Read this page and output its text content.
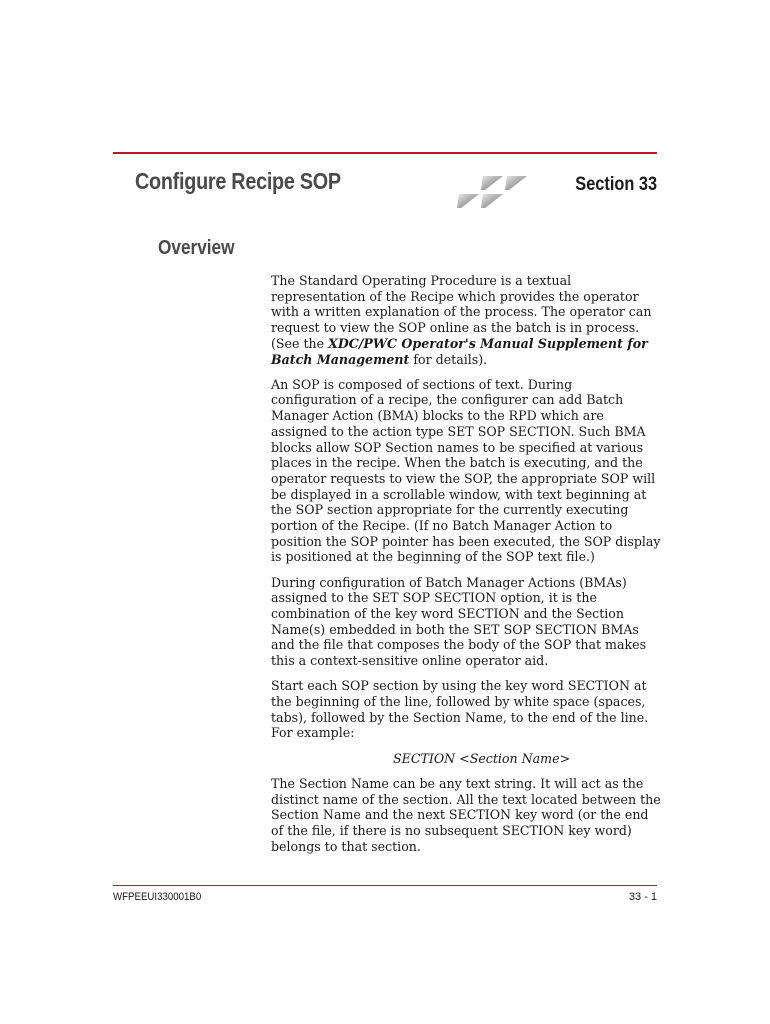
Configure Recipe SOP	Section 33
Overview

The Standard Operating Procedure is a textual representation of the Recipe which provides the operator with a written explanation of the process. The operator can request to view the SOP online as the batch is in process. (See the XDC/PWC Operator's Manual Supplement for Batch Management for details).

An SOP is composed of sections of text. During configuration of a recipe, the configurer can add Batch Manager Action (BMA) blocks to the RPD which are assigned to the action type SET SOP SECTION. Such BMA blocks allow SOP Section names to be specified at various places in the recipe. When the batch is executing, and the operator requests to view the SOP, the appropriate SOP will be displayed in a scrollable window, with text beginning at the SOP section appropriate for the currently executing portion of the Recipe. (If no Batch Manager Action to position the SOP pointer has been executed, the SOP display is positioned at the beginning of the SOP text file.)

During configuration of Batch Manager Actions (BMAs) assigned to the SET SOP SECTION option, it is the combination of the key word SECTION and the Section Name(s) embedded in both the SET SOP SECTION BMAs and the file that composes the body of the SOP that makes this a context-sensitive online operator aid.

Start each SOP section by using the key word SECTION at the beginning of the line, followed by white space (spaces, tabs), followed by the Section Name, to the end of the line. For example:

SECTION <Section Name>

The Section Name can be any text string. It will act as the distinct name of the section. All the text located between the Section Name and the next SECTION key word (or the end of the file, if there is no subsequent SECTION key word) belongs to that section.

WFPEEUI330001B0	33 - 1
